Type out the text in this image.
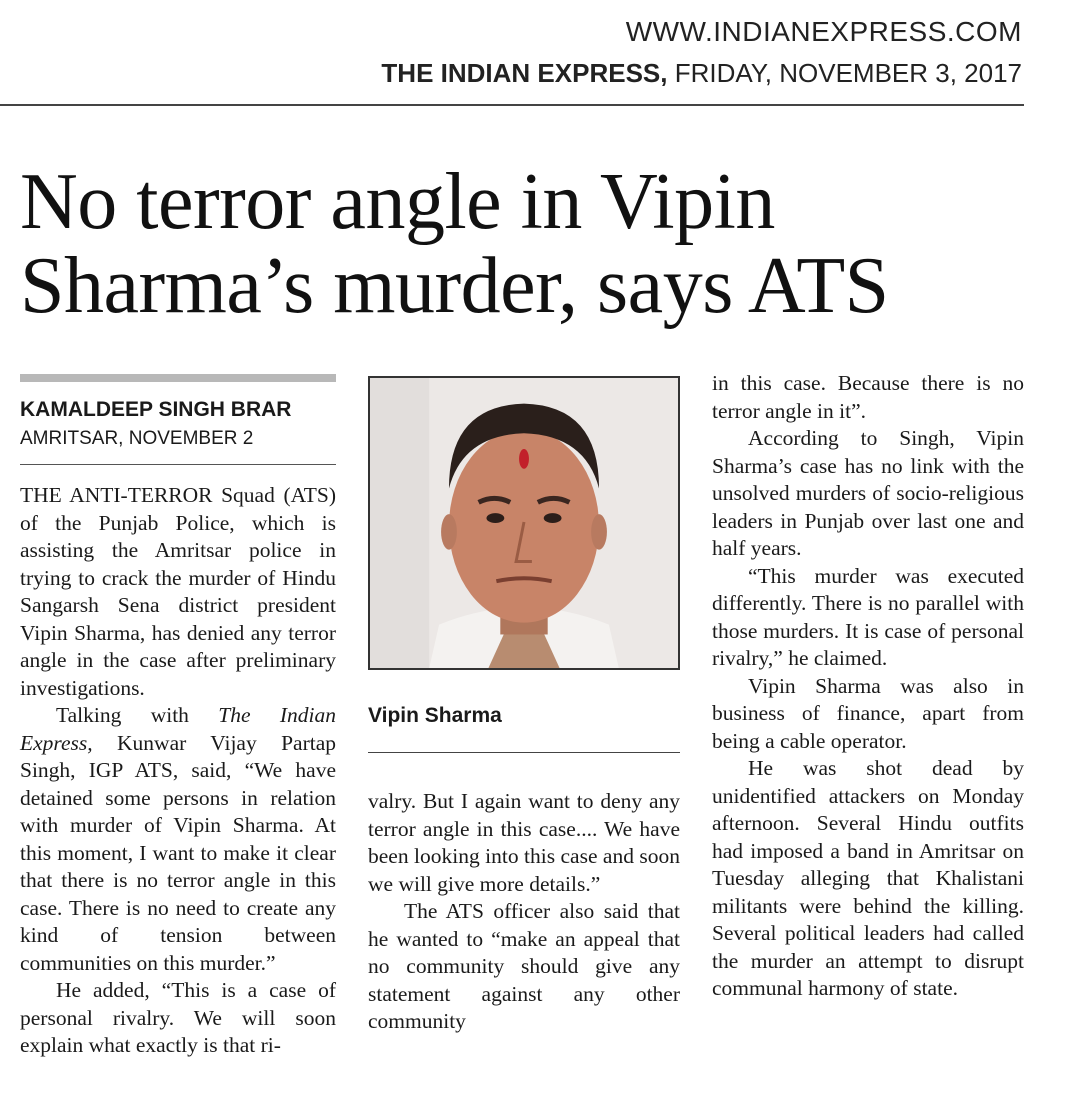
WWW.INDIANEXPRESS.COM
THE INDIAN EXPRESS, FRIDAY, NOVEMBER 3, 2017
No terror angle in Vipin
Sharma’s murder, says ATS
KAMALDEEP SINGH BRAR
AMRITSAR, NOVEMBER 2

THE ANTI-TERROR Squad (ATS) of the Punjab Police, which is assisting the Amritsar police in trying to crack the murder of Hindu Sangarsh Sena district president Vipin Sharma, has denied any terror angle in the case after preliminary investigations.

Talking with The Indian Express, Kunwar Vijay Partap Singh, IGP ATS, said, “We have detained some persons in relation with murder of Vipin Sharma. At this moment, I want to make it clear that there is no terror angle in this case. There is no need to create any kind of tension between communities on this murder.”

He added, “This is a case of personal rivalry. We will soon explain what exactly is that ri-

Vipin Sharma

valry. But I again want to deny any terror angle in this case.... We have been looking into this case and soon we will give more details.”

The ATS officer also said that he wanted to “make an appeal that no community should give any statement against any other community

in this case. Because there is no terror angle in it”.

According to Singh, Vipin Sharma’s case has no link with the unsolved murders of socio-religious leaders in Punjab over last one and half years.

“This murder was executed differently. There is no parallel with those murders. It is case of personal rivalry,” he claimed.

Vipin Sharma was also in business of finance, apart from being a cable operator.

He was shot dead by unidentified attackers on Monday afternoon. Several Hindu outfits had imposed a band in Amritsar on Tuesday alleging that Khalistani militants were behind the killing. Several political leaders had called the murder an attempt to disrupt communal harmony of state.
